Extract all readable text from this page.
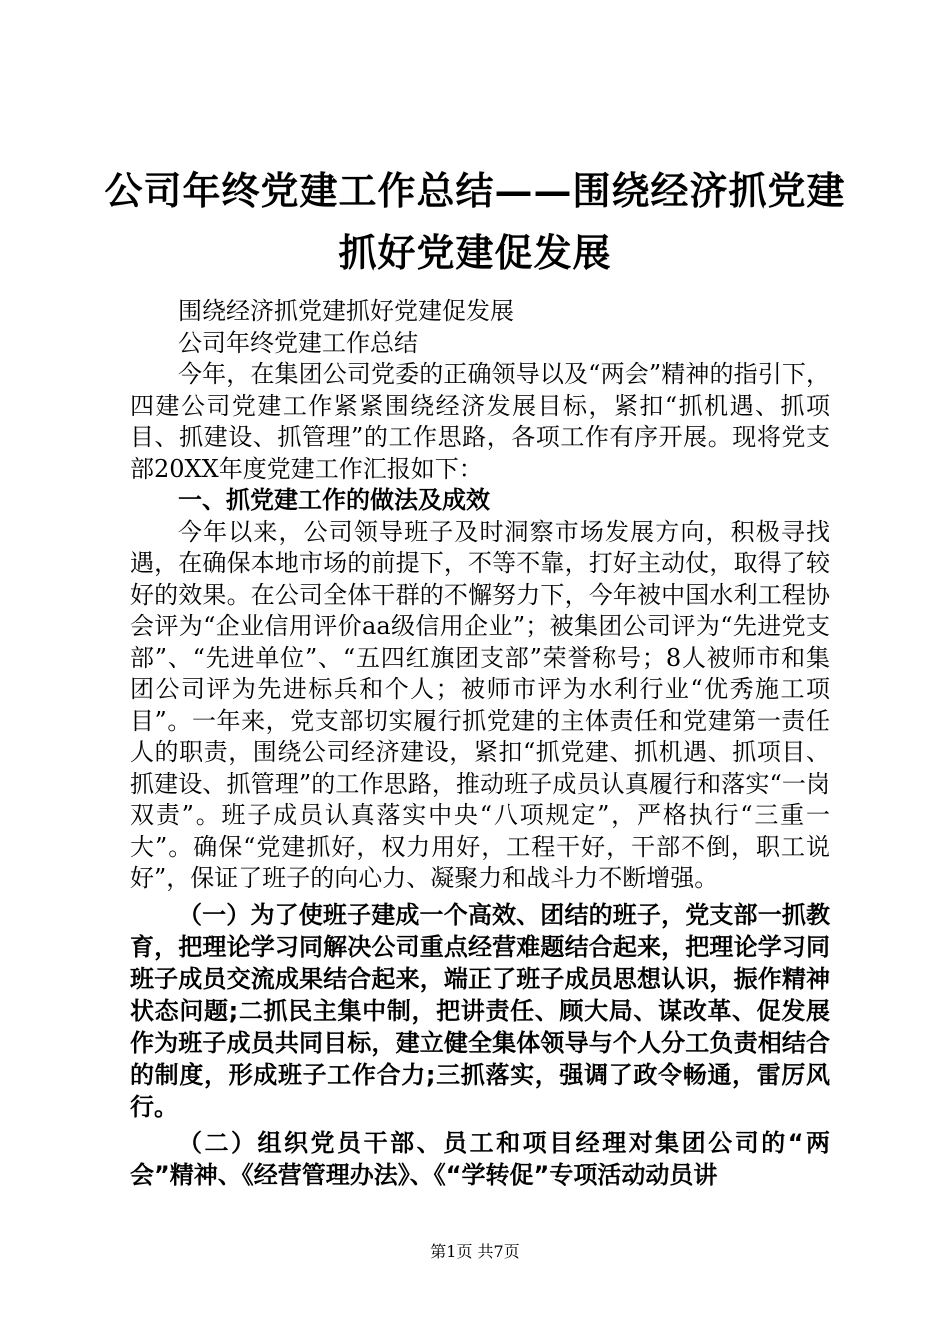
公司年终党建工作总结——围绕经济抓党建抓好党建促发展

围绕经济抓党建抓好党建促发展

公司年终党建工作总结

今年，在集团公司党委的正确领导以及“两会”精神的指引下，四建公司党建工作紧紧围绕经济发展目标，紧扣“抓机遇、抓项目、抓建设、抓管理”的工作思路，各项工作有序开展。现将党支部20XX年度党建工作汇报如下：

一、抓党建工作的做法及成效

今年以来，公司领导班子及时洞察市场发展方向，积极寻找遇，在确保本地市场的前提下，不等不靠，打好主动仗，取得了较好的效果。在公司全体干群的不懈努力下，今年被中国水利工程协会评为“企业信用评价aa级信用企业”；被集团公司评为“先进党支部”、“先进单位”、“五四红旗团支部”荣誉称号；8人被师市和集团公司评为先进标兵和个人；被师市评为水利行业“优秀施工项目”。一年来，党支部切实履行抓党建的主体责任和党建第一责任人的职责，围绕公司经济建设，紧扣“抓党建、抓机遇、抓项目、抓建设、抓管理”的工作思路，推动班子成员认真履行和落实“一岗双责”。班子成员认真落实中央“八项规定”，严格执行“三重一大”。确保“党建抓好，权力用好，工程干好，干部不倒，职工说好”，保证了班子的向心力、凝聚力和战斗力不断增强。

（一）为了使班子建成一个高效、团结的班子，党支部一抓教育，把理论学习同解决公司重点经营难题结合起来，把理论学习同班子成员交流成果结合起来，端正了班子成员思想认识，振作精神状态问题;二抓民主集中制，把讲责任、顾大局、谋改革、促发展作为班子成员共同目标，建立健全集体领导与个人分工负责相结合的制度，形成班子工作合力;三抓落实，强调了政令畅通，雷厉风行。

（二）组织党员干部、员工和项目经理对集团公司的“两会”精神、《经营管理办法》、《“学转促”专项活动动员讲

第1页 共7页
